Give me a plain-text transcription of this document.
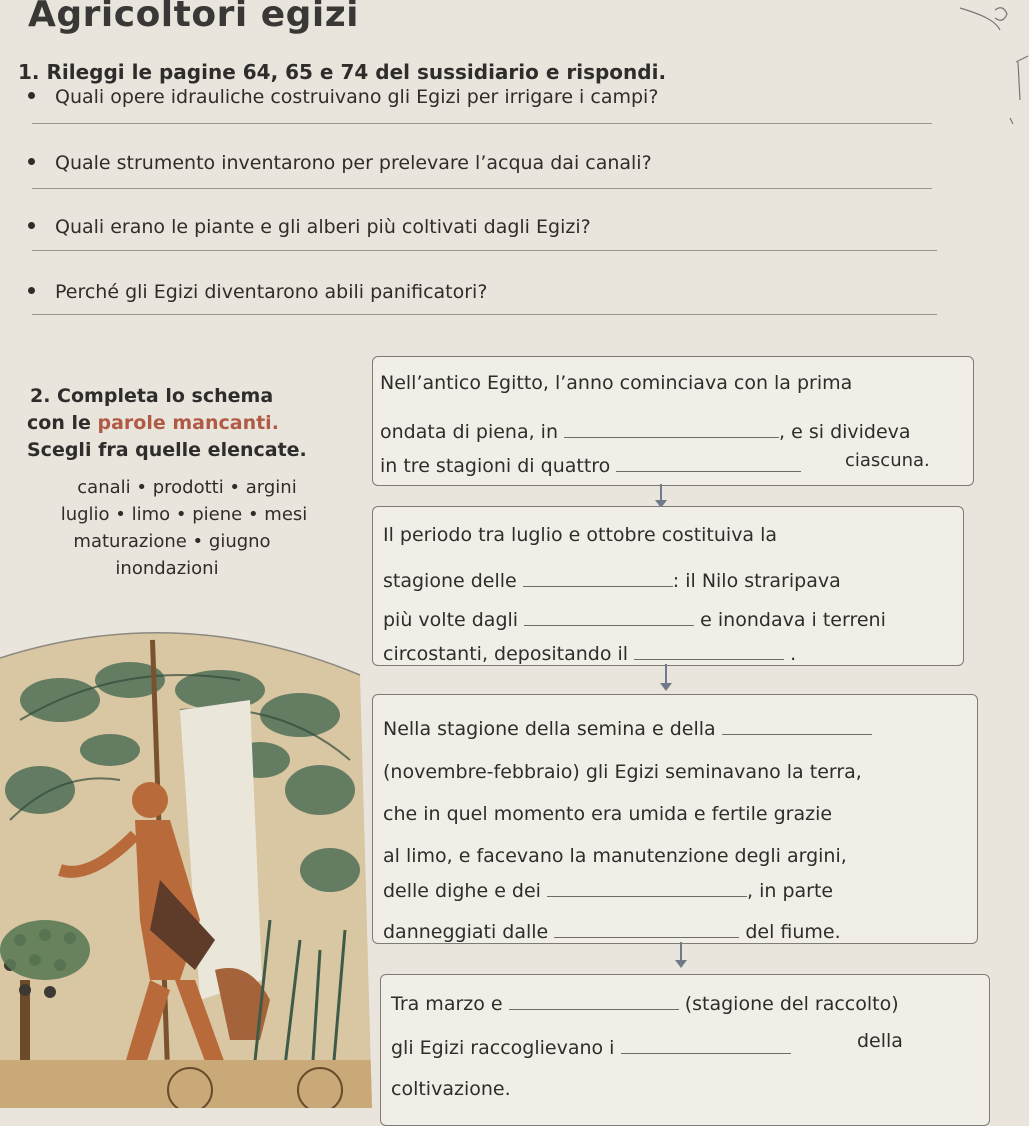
Agricoltori egizi
1. Rileggi le pagine 64, 65 e 74 del sussidiario e rispondi.
Quali opere idrauliche costruivano gli Egizi per irrigare i campi?
Quale strumento inventarono per prelevare l’acqua dai canali?
Quali erano le piante e gli alberi più coltivati dagli Egizi?
Perché gli Egizi diventarono abili panificatori?
2. Completa lo schema
con le parole mancanti.
Scegli fra quelle elencate.
canali • prodotti • argini
luglio • limo • piene • mesi
maturazione • giugno
inondazioni
Nell’antico Egitto, l’anno cominciava con la prima
ondata di piena, in	, e si divideva
in tre stagioni di quattro	ciascuna.
Il periodo tra luglio e ottobre costituiva la
stagione delle	: il Nilo straripava
più volte dagli	e inondava i terreni
circostanti, depositando il	.
Nella stagione della semina e della
(novembre-febbraio) gli Egizi seminavano la terra,
che in quel momento era umida e fertile grazie
al limo, e facevano la manutenzione degli argini,
delle dighe e dei	, in parte
danneggiati dalle	del fiume.
Tra marzo e	(stagione del raccolto)
gli Egizi raccoglievano i	della
coltivazione.
